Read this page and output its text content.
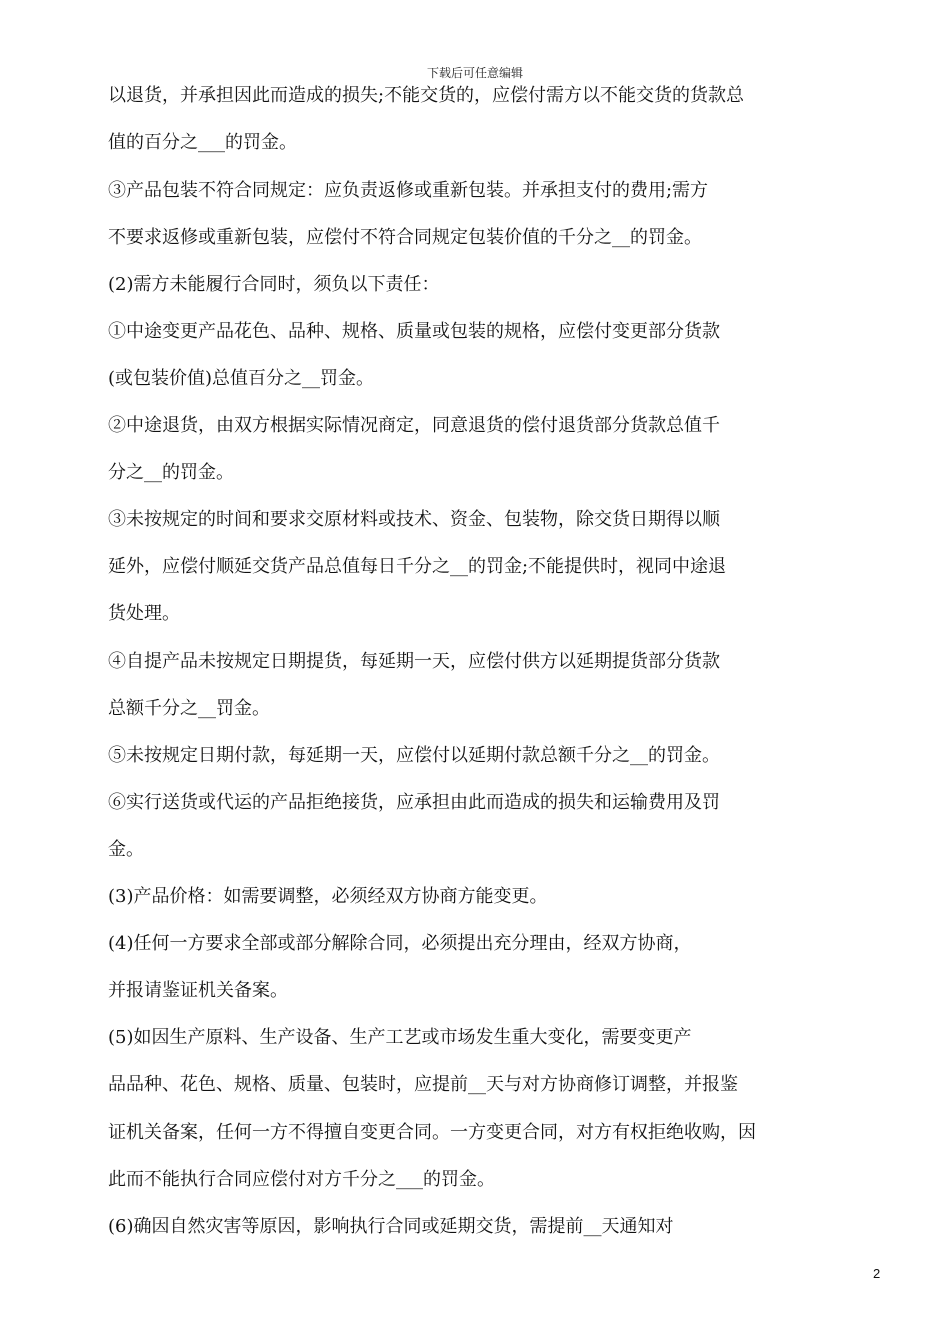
下载后可任意编辑
以退货，并承担因此而造成的损失;不能交货的，应偿付需方以不能交货的货款总
值的百分之___的罚金。
③产品包装不符合同规定：应负责返修或重新包装。并承担支付的费用;需方
不要求返修或重新包装，应偿付不符合同规定包装价值的千分之__的罚金。
(2)需方未能履行合同时，须负以下责任：
①中途变更产品花色、品种、规格、质量或包装的规格，应偿付变更部分货款
(或包装价值)总值百分之__罚金。
②中途退货，由双方根据实际情况商定，同意退货的偿付退货部分货款总值千
分之__的罚金。
③未按规定的时间和要求交原材料或技术、资金、包装物，除交货日期得以顺
延外，应偿付顺延交货产品总值每日千分之__的罚金;不能提供时，视同中途退
货处理。
④自提产品未按规定日期提货，每延期一天，应偿付供方以延期提货部分货款
总额千分之__罚金。
⑤未按规定日期付款，每延期一天，应偿付以延期付款总额千分之__的罚金。
⑥实行送货或代运的产品拒绝接货，应承担由此而造成的损失和运输费用及罚
金。
(3)产品价格：如需要调整，必须经双方协商方能变更。
(4)任何一方要求全部或部分解除合同，必须提出充分理由，经双方协商，
并报请鉴证机关备案。
(5)如因生产原料、生产设备、生产工艺或市场发生重大变化，需要变更产
品品种、花色、规格、质量、包装时，应提前__天与对方协商修订调整，并报鉴
证机关备案，任何一方不得擅自变更合同。一方变更合同，对方有权拒绝收购，因
此而不能执行合同应偿付对方千分之___的罚金。
(6)确因自然灾害等原因，影响执行合同或延期交货，需提前__天通知对
2
